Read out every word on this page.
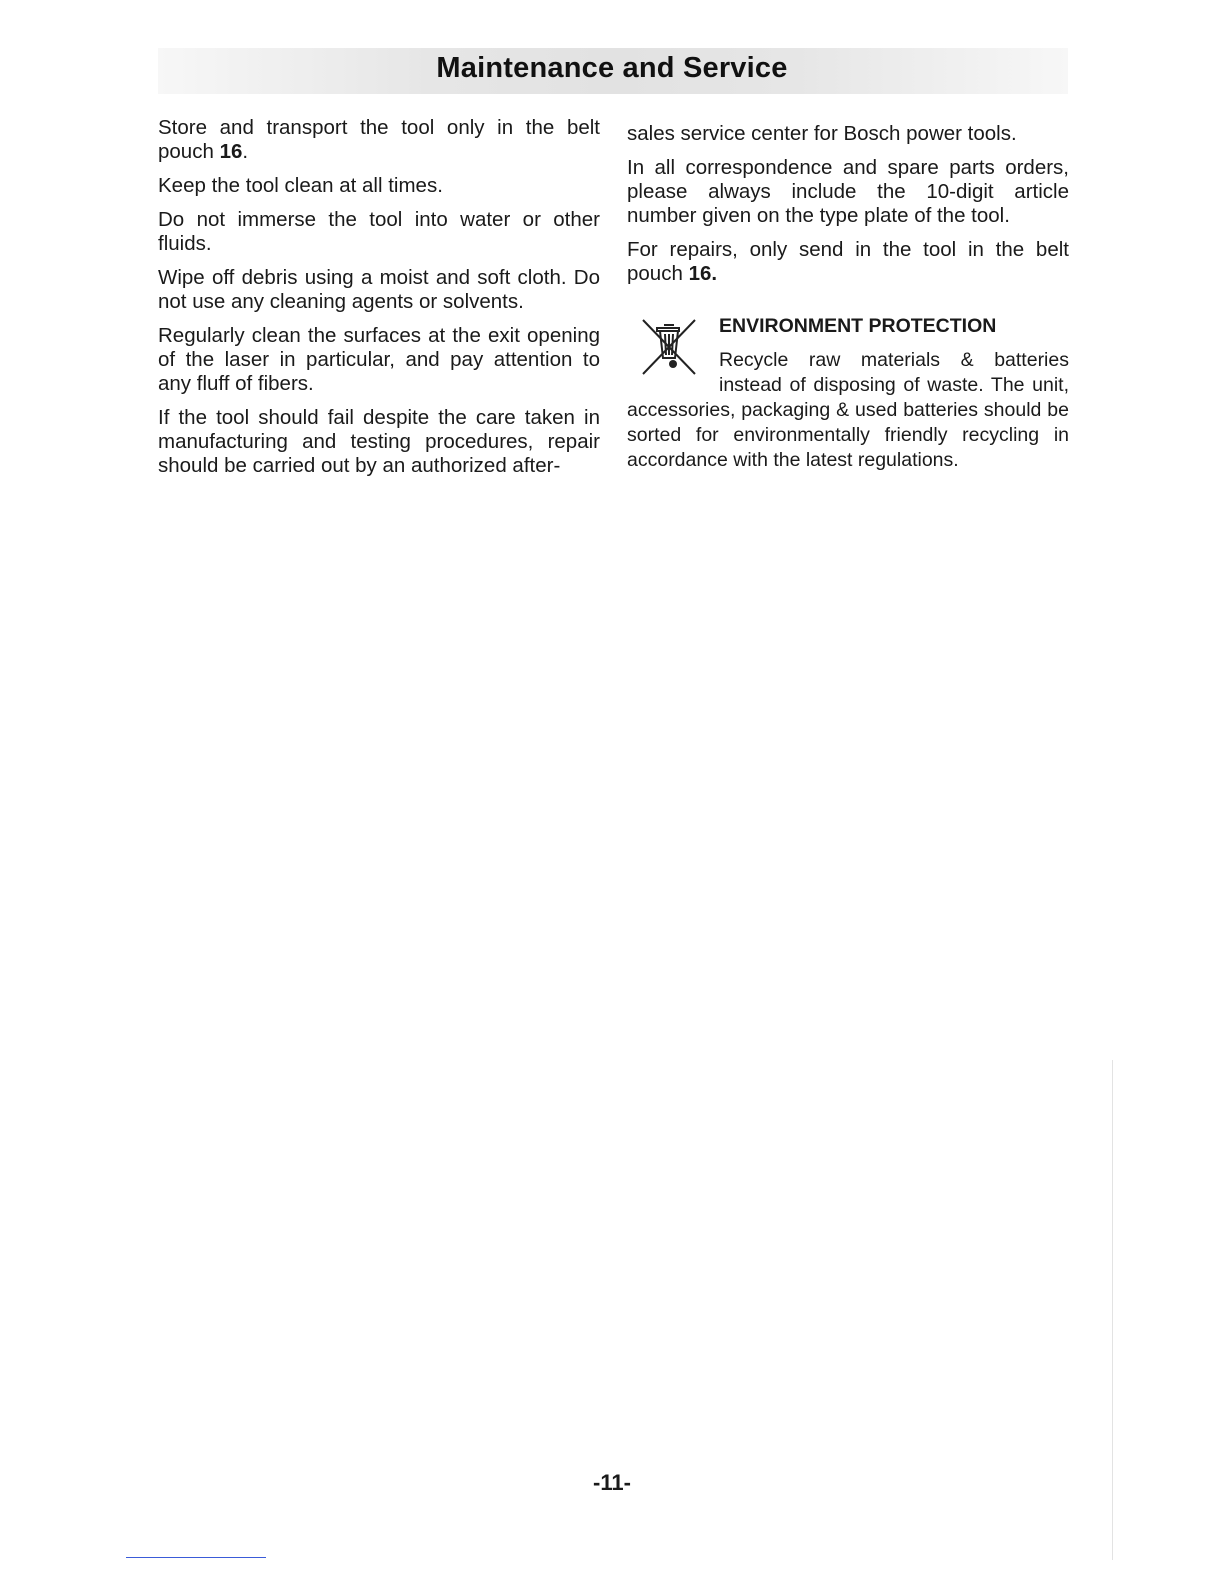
Maintenance and Service

Store and transport the tool only in the belt pouch 16.

Keep the tool clean at all times.

Do not immerse the tool into water or other fluids.

Wipe off debris using a moist and soft cloth. Do not use any cleaning agents or solvents.

Regularly clean the surfaces at the exit opening of the laser in particular, and pay attention to any fluff of fibers.

If the tool should fail despite the care taken in manufacturing and testing procedures, repair should be carried out by an authorized after-

sales service center for Bosch power tools.

In all correspondence and spare parts orders, please always include the 10-digit article number given on the type plate of the tool.

For repairs, only send in the tool in the belt pouch 16.

ENVIRONMENT PROTECTION

Recycle raw materials & batteries instead of disposing of waste. The unit, accessories, packaging & used batteries should be sorted for environmentally friendly recycling in accordance with the latest regulations.

-11-
